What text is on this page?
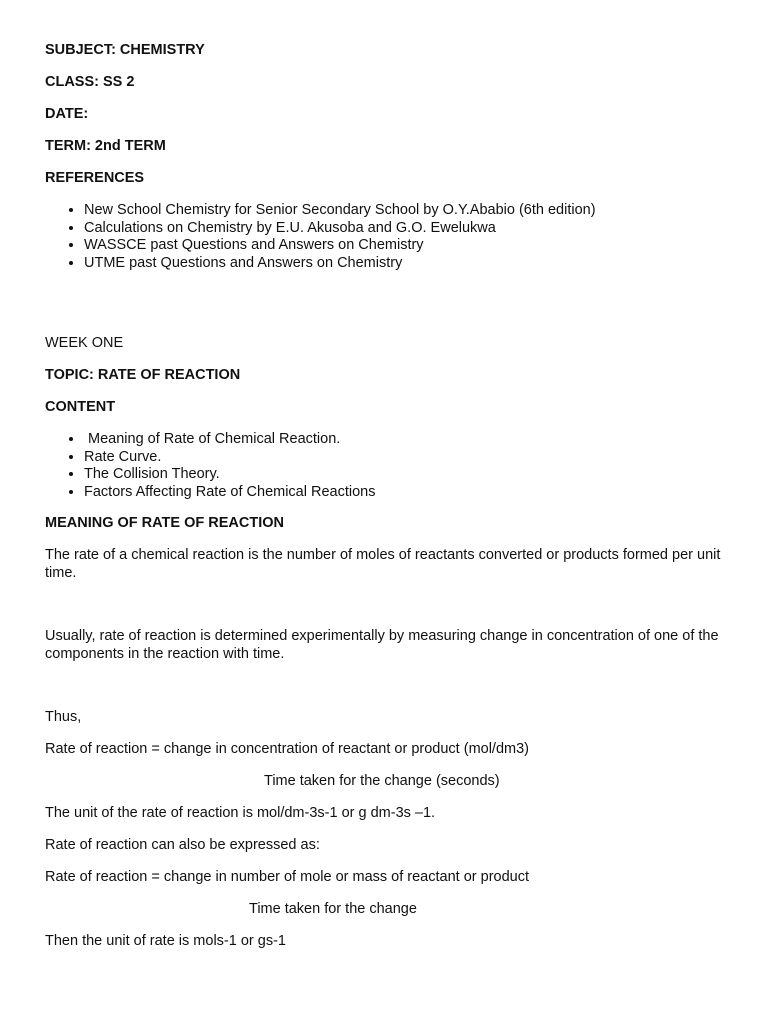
SUBJECT: CHEMISTRY
CLASS: SS 2
DATE:
TERM: 2nd TERM
REFERENCES
• New School Chemistry for Senior Secondary School by O.Y.Ababio (6th edition)
• Calculations on Chemistry by E.U. Akusoba and G.O. Ewelukwa
• WASSCE past Questions and Answers on Chemistry
• UTME past Questions and Answers on Chemistry
WEEK ONE
TOPIC: RATE OF REACTION
CONTENT
•  Meaning of Rate of Chemical Reaction.
• Rate Curve.
• The Collision Theory.
• Factors Affecting Rate of Chemical Reactions
MEANING OF RATE OF REACTION
The rate of a chemical reaction is the number of moles of reactants converted or products formed per unit time.
Usually, rate of reaction is determined experimentally by measuring change in concentration of one of the components in the reaction with time.
Thus,
Rate of reaction = change in concentration of reactant or product (mol/dm3)
Time taken for the change (seconds)
The unit of the rate of reaction is mol/dm-3s-1 or g dm-3s –1.
Rate of reaction can also be expressed as:
Rate of reaction = change in number of mole or mass of reactant or product
Time taken for the change
Then the unit of rate is mols-1 or gs-1
